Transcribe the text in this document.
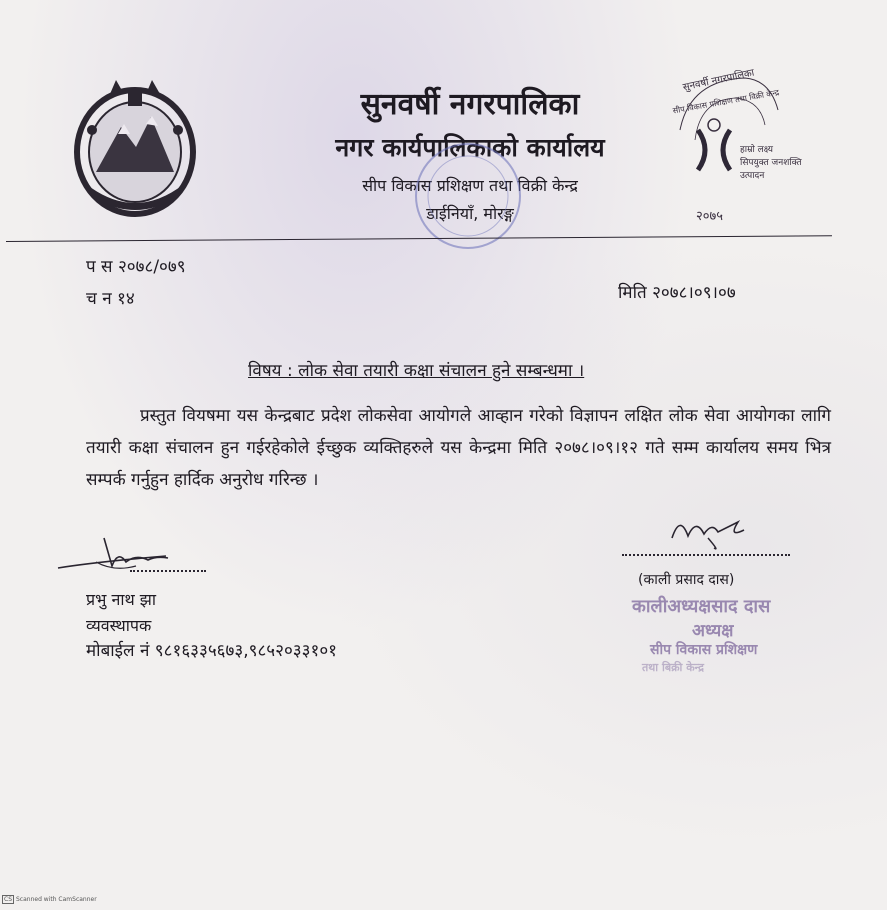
सुनवर्षी नगरपालिका
सीप विकास प्रशिक्षण तथा विक्री केन्द्र
हाम्रो लक्ष्य
सिपयुक्त जनशक्ति
उत्पादन
२०७५
सुनवर्षी नगरपालिका
नगर कार्यपालिकाको कार्यालय
सीप विकास प्रशिक्षण तथा विक्री केन्द्र
डाईनियाँ, मोरङ्ग
प स २०७८/०७९
च न १४	मिति २०७८।०९।०७
विषय : लोक सेवा तयारी कक्षा संचालन हुने सम्बन्धमा ।
प्रस्तुत वियषमा यस केन्द्रबाट प्रदेश लोकसेवा आयोगले आव्हान गरेको विज्ञापन लक्षित लोक सेवा आयोगका लागि तयारी कक्षा संचालन हुन गईरहेकोले ईच्छुक व्यक्तिहरुले यस केन्द्रमा मिति २०७८।०९।१२ गते सम्म कार्यालय समय भित्र सम्पर्क गर्नुहुन हार्दिक अनुरोध गरिन्छ ।
प्रभु नाथ झा
व्यवस्थापक
मोबाईल नं ९८१६३३५६७३,९८५२०३३१०१
(काली प्रसाद दास)
कालीअध्यक्षसाद दास
अध्यक्ष
सीप विकास प्रशिक्षण
तथा बिक्री केन्द्र
CS Scanned with CamScanner
